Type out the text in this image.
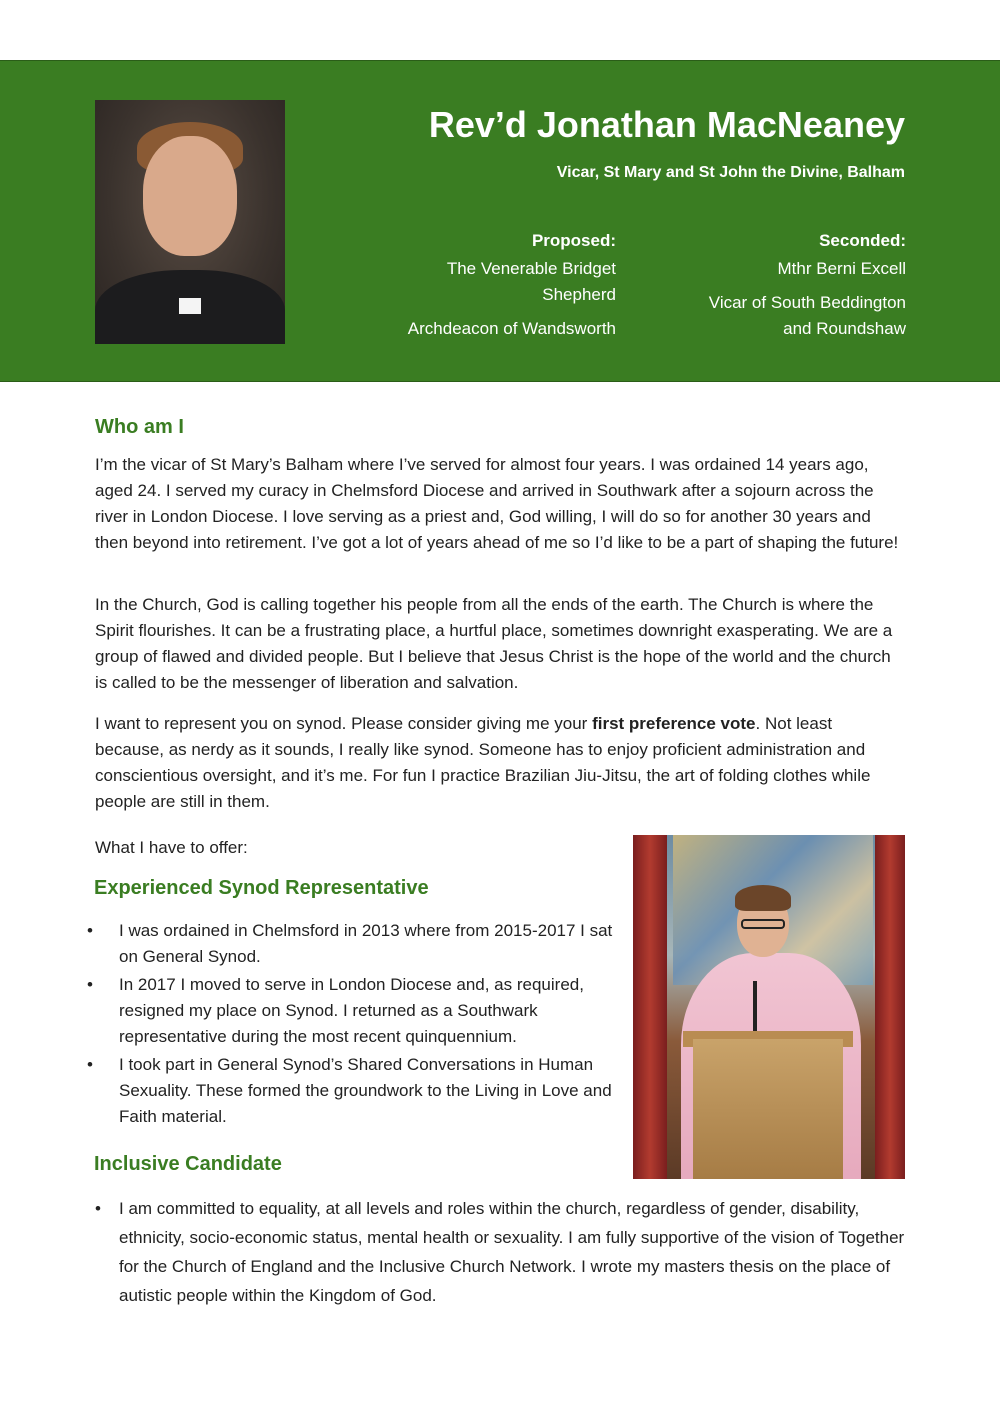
Rev’d Jonathan MacNeaney
Vicar, St Mary and St John the Divine, Balham
Proposed:
The Venerable Bridget
Shepherd
Archdeacon of Wandsworth
Seconded:
Mthr Berni Excell
Vicar of South Beddington
and Roundshaw
Who am I

I’m the vicar of St Mary’s Balham where I’ve served for almost four years. I was ordained 14 years ago, aged 24. I served my curacy in Chelmsford Diocese and arrived in Southwark after a sojourn across the river in London Diocese. I love serving as a priest and, God willing, I will do so for another 30 years and then beyond into retirement. I’ve got a lot of years ahead of me so I’d like to be a part of shaping the future!

In the Church, God is calling together his people from all the ends of the earth. The Church is where the Spirit flourishes. It can be a frustrating place, a hurtful place, sometimes downright exasperating. We are a group of flawed and divided people. But I believe that Jesus Christ is the hope of the world and the church is called to be the messenger of liberation and salvation.

I want to represent you on synod. Please consider giving me your first preference vote. Not least because, as nerdy as it sounds, I really like synod. Someone has to enjoy proficient administration and conscientious oversight, and it’s me. For fun I practice Brazilian Jiu-Jitsu, the art of folding clothes while people are still in them.

What I have to offer:

Experienced Synod Representative
• I was ordained in Chelmsford in 2013 where from 2015-2017 I sat on General Synod.
• In 2017 I moved to serve in London Diocese and, as required, resigned my place on Synod. I returned as a Southwark representative during the most recent quinquennium.
• I took part in General Synod’s Shared Conversations in Human Sexuality. These formed the groundwork to the Living in Love and Faith material.
Inclusive Candidate
• I am committed to equality, at all levels and roles within the church, regardless of gender, disability, ethnicity, socio-economic status, mental health or sexuality. I am fully supportive of the vision of Together for the Church of England and the Inclusive Church Network. I wrote my masters thesis on the place of autistic people within the Kingdom of God.
